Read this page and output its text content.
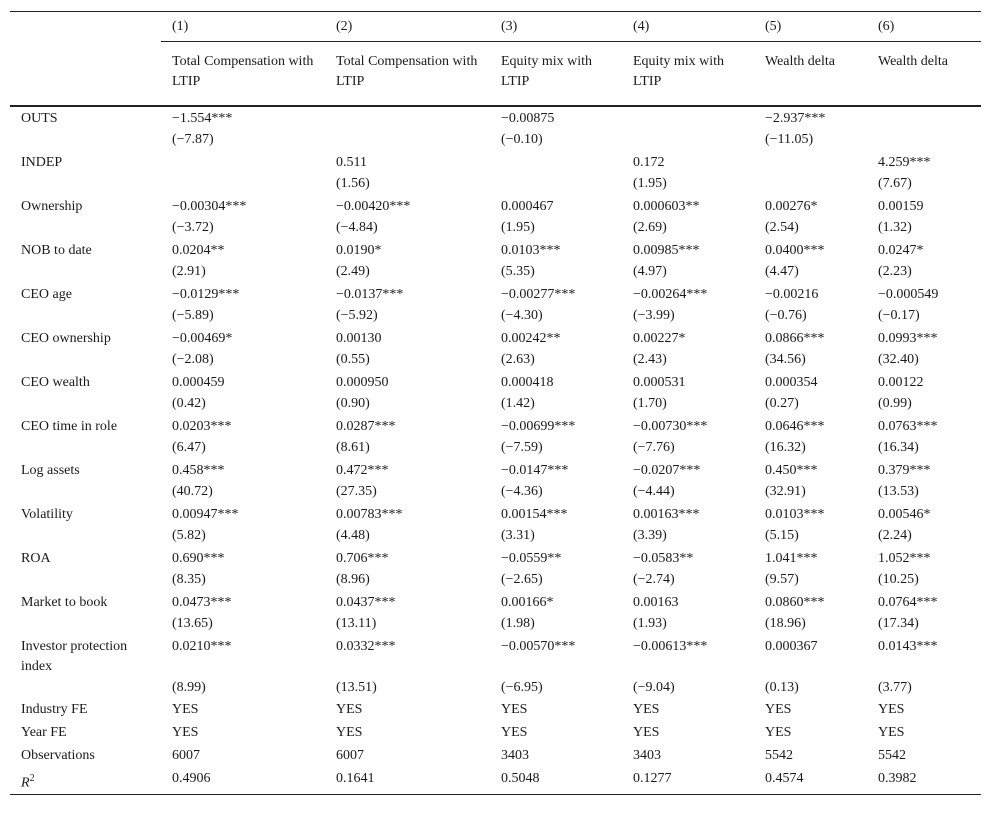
	(1)	(2)	(3)	(4)	(5)	(6)
	Total Compensation with LTIP	Total Compensation with LTIP	Equity mix with LTIP	Equity mix with LTIP	Wealth delta	Wealth delta
OUTS	−1.554***		−0.00875		−2.937***	
	(−7.87)		(−0.10)		(−11.05)	
INDEP		0.511		0.172		4.259***
		(1.56)		(1.95)		(7.67)
Ownership	−0.00304***	−0.00420***	0.000467	0.000603**	0.00276*	0.00159
	(−3.72)	(−4.84)	(1.95)	(2.69)	(2.54)	(1.32)
NOB to date	0.0204**	0.0190*	0.0103***	0.00985***	0.0400***	0.0247*
	(2.91)	(2.49)	(5.35)	(4.97)	(4.47)	(2.23)
CEO age	−0.0129***	−0.0137***	−0.00277***	−0.00264***	−0.00216	−0.000549
	(−5.89)	(−5.92)	(−4.30)	(−3.99)	(−0.76)	(−0.17)
CEO ownership	−0.00469*	0.00130	0.00242**	0.00227*	0.0866***	0.0993***
	(−2.08)	(0.55)	(2.63)	(2.43)	(34.56)	(32.40)
CEO wealth	0.000459	0.000950	0.000418	0.000531	0.000354	0.00122
	(0.42)	(0.90)	(1.42)	(1.70)	(0.27)	(0.99)
CEO time in role	0.0203***	0.0287***	−0.00699***	−0.00730***	0.0646***	0.0763***
	(6.47)	(8.61)	(−7.59)	(−7.76)	(16.32)	(16.34)
Log assets	0.458***	0.472***	−0.0147***	−0.0207***	0.450***	0.379***
	(40.72)	(27.35)	(−4.36)	(−4.44)	(32.91)	(13.53)
Volatility	0.00947***	0.00783***	0.00154***	0.00163***	0.0103***	0.00546*
	(5.82)	(4.48)	(3.31)	(3.39)	(5.15)	(2.24)
ROA	0.690***	0.706***	−0.0559**	−0.0583**	1.041***	1.052***
	(8.35)	(8.96)	(−2.65)	(−2.74)	(9.57)	(10.25)
Market to book	0.0473***	0.0437***	0.00166*	0.00163	0.0860***	0.0764***
	(13.65)	(13.11)	(1.98)	(1.93)	(18.96)	(17.34)
Investor protection index	0.0210***	0.0332***	−0.00570***	−0.00613***	0.000367	0.0143***
	(8.99)	(13.51)	(−6.95)	(−9.04)	(0.13)	(3.77)
Industry FE	YES	YES	YES	YES	YES	YES
Year FE	YES	YES	YES	YES	YES	YES
Observations	6007	6007	3403	3403	5542	5542
$R^2$	0.4906	0.1641	0.5048	0.1277	0.4574	0.3982
